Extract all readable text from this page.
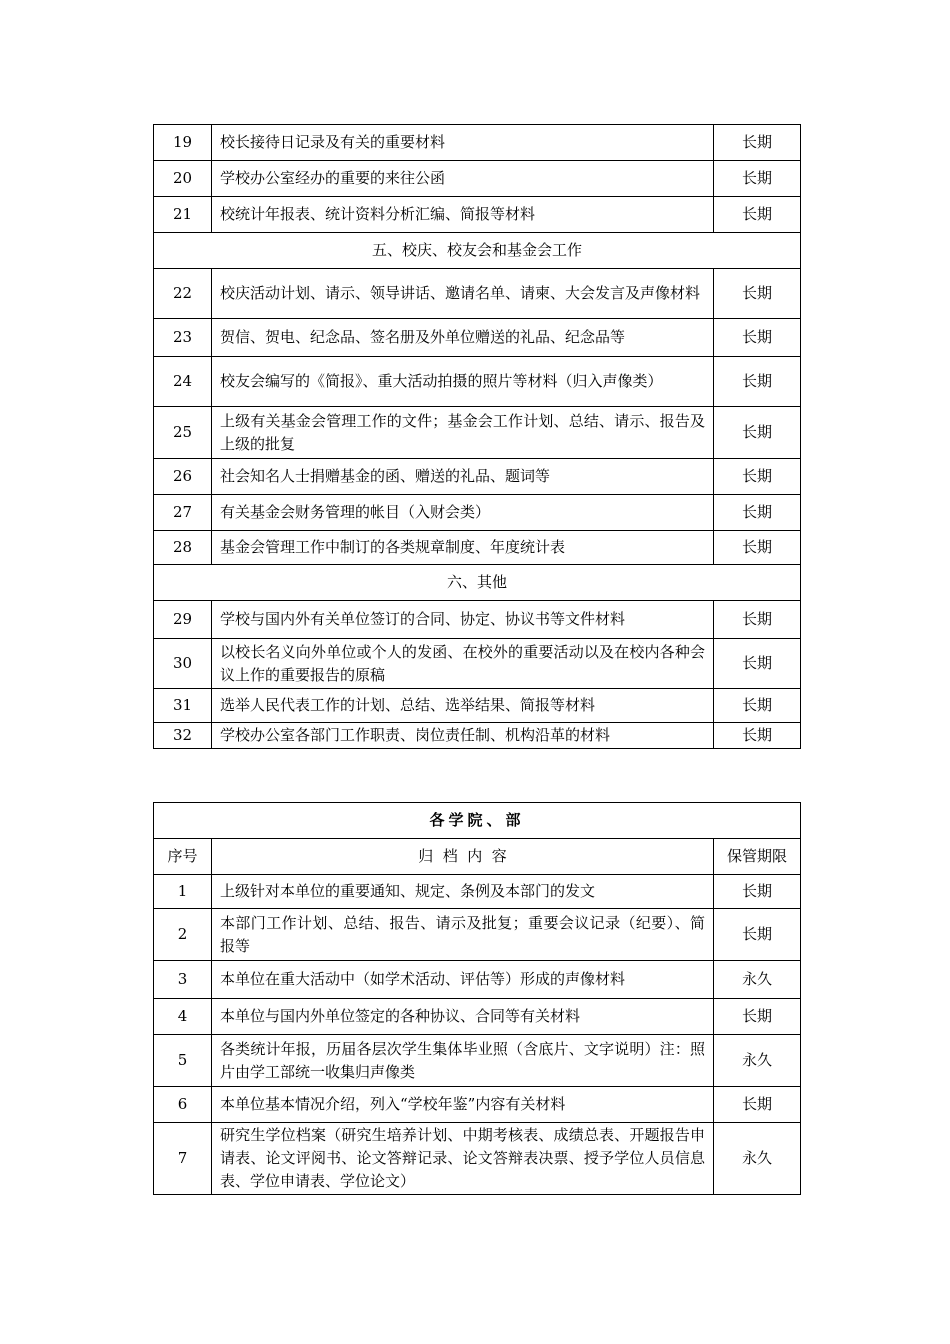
19	校长接待日记录及有关的重要材料	长期
20	学校办公室经办的重要的来往公函	长期
21	校统计年报表、统计资料分析汇编、简报等材料	长期
五、校庆、校友会和基金会工作		
22	校庆活动计划、请示、领导讲话、邀请名单、请柬、大会发言及声像材料	长期
23	贺信、贺电、纪念品、签名册及外单位赠送的礼品、纪念品等	长期
24	校友会编写的《简报》、重大活动拍摄的照片等材料（归入声像类）	长期
25	上级有关基金会管理工作的文件；基金会工作计划、总结、请示、报告及上级的批复	长期
26	社会知名人士捐赠基金的函、赠送的礼品、题词等	长期
27	有关基金会财务管理的帐目（入财会类）	长期
28	基金会管理工作中制订的各类规章制度、年度统计表	长期
六、其他		
29	学校与国内外有关单位签订的合同、协定、协议书等文件材料	长期
30	以校长名义向外单位或个人的发函、在校外的重要活动以及在校内各种会议上作的重要报告的原稿	长期
31	选举人民代表工作的计划、总结、选举结果、简报等材料	长期
32	学校办公室各部门工作职责、岗位责任制、机构沿革的材料	长期
各学院、部		
序号	归  档  内  容	保管期限
1	上级针对本单位的重要通知、规定、条例及本部门的发文	长期
2	本部门工作计划、总结、报告、请示及批复；重要会议记录（纪要）、简报等	长期
3	本单位在重大活动中（如学术活动、评估等）形成的声像材料	永久
4	本单位与国内外单位签定的各种协议、合同等有关材料	长期
5	各类统计年报，历届各层次学生集体毕业照（含底片、文字说明）注：照片由学工部统一收集归声像类	永久
6	本单位基本情况介绍，列入“学校年鉴”内容有关材料	长期
7	研究生学位档案（研究生培养计划、中期考核表、成绩总表、开题报告申请表、论文评阅书、论文答辩记录、论文答辩表决票、授予学位人员信息表、学位申请表、学位论文）	永久
